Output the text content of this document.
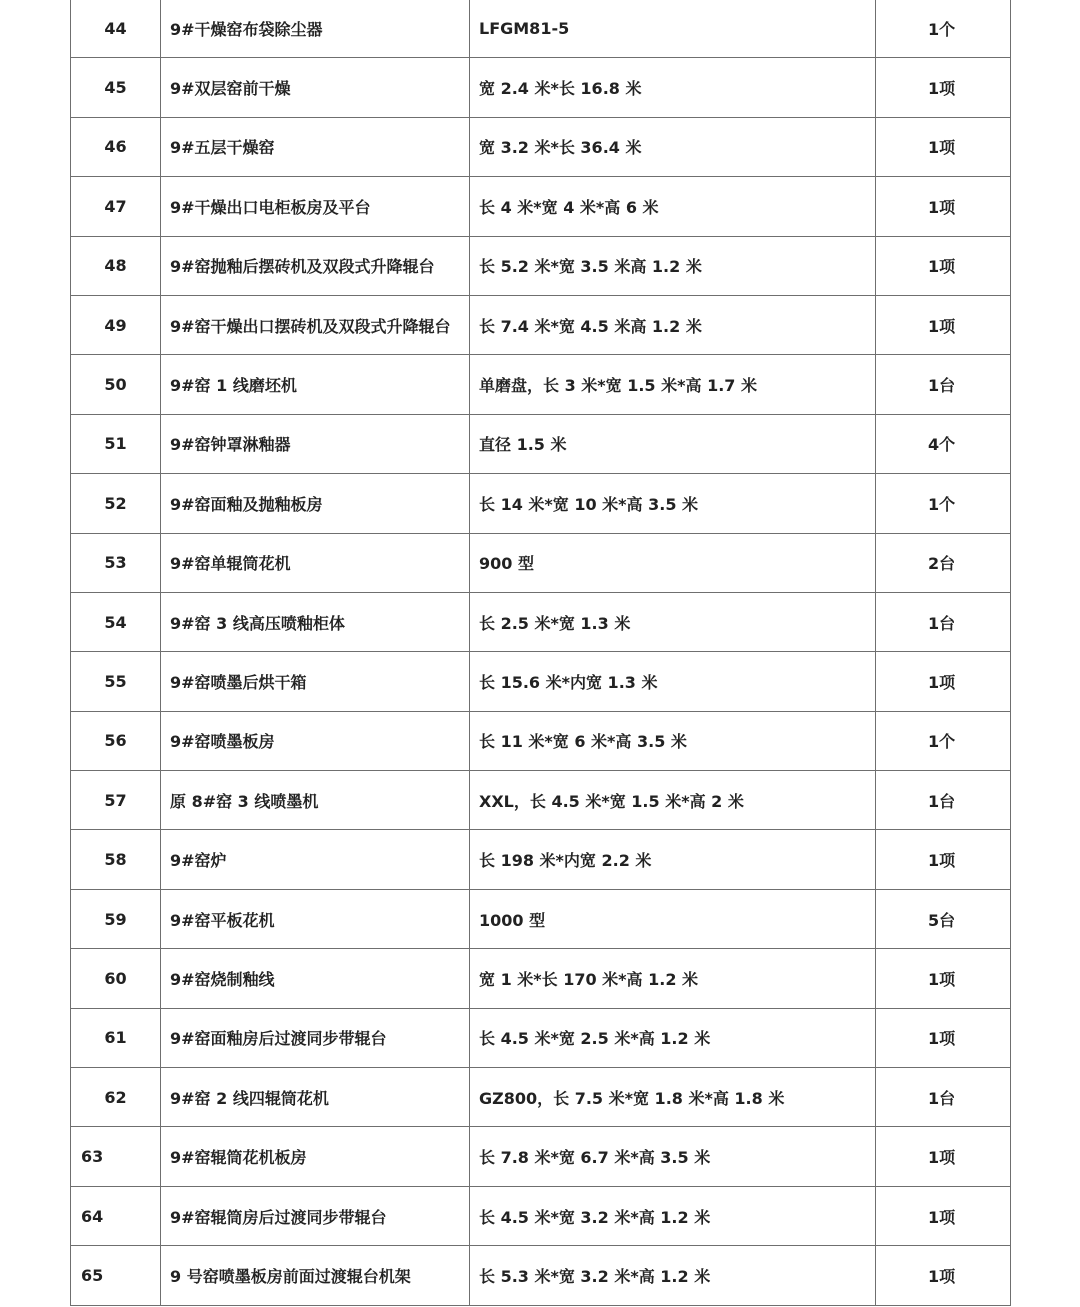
44	9#干燥窑布袋除尘器	LFGM81-5	1个
45	9#双层窑前干燥	宽 2.4 米*长 16.8 米	1项
46	9#五层干燥窑	宽 3.2 米*长 36.4 米	1项
47	9#干燥出口电柜板房及平台	长 4 米*宽 4 米*高 6 米	1项
48	9#窑抛釉后摆砖机及双段式升降辊台	长 5.2 米*宽 3.5 米高 1.2 米	1项
49	9#窑干燥出口摆砖机及双段式升降辊台	长 7.4 米*宽 4.5 米高 1.2 米	1项
50	9#窑 1 线磨坯机	单磨盘，长 3 米*宽 1.5 米*高 1.7 米	1台
51	9#窑钟罩淋釉器	直径 1.5 米	4个
52	9#窑面釉及抛釉板房	长 14 米*宽 10 米*高 3.5 米	1个
53	9#窑单辊筒花机	900 型	2台
54	9#窑 3 线高压喷釉柜体	长 2.5 米*宽 1.3 米	1台
55	9#窑喷墨后烘干箱	长 15.6 米*内宽 1.3 米	1项
56	9#窑喷墨板房	长 11 米*宽 6 米*高 3.5 米	1个
57	原 8#窑 3 线喷墨机	XXL，长 4.5 米*宽 1.5 米*高 2 米	1台
58	9#窑炉	长 198 米*内宽 2.2 米	1项
59	9#窑平板花机	1000 型	5台
60	9#窑烧制釉线	宽 1 米*长 170 米*高 1.2 米	1项
61	9#窑面釉房后过渡同步带辊台	长 4.5 米*宽 2.5 米*高 1.2 米	1项
62	9#窑 2 线四辊筒花机	GZ800，长 7.5 米*宽 1.8 米*高 1.8 米	1台
63	9#窑辊筒花机板房	长 7.8 米*宽 6.7 米*高 3.5 米	1项
64	9#窑辊筒房后过渡同步带辊台	长 4.5 米*宽 3.2 米*高 1.2 米	1项
65	9 号窑喷墨板房前面过渡辊台机架	长 5.3 米*宽 3.2 米*高 1.2 米	1项
